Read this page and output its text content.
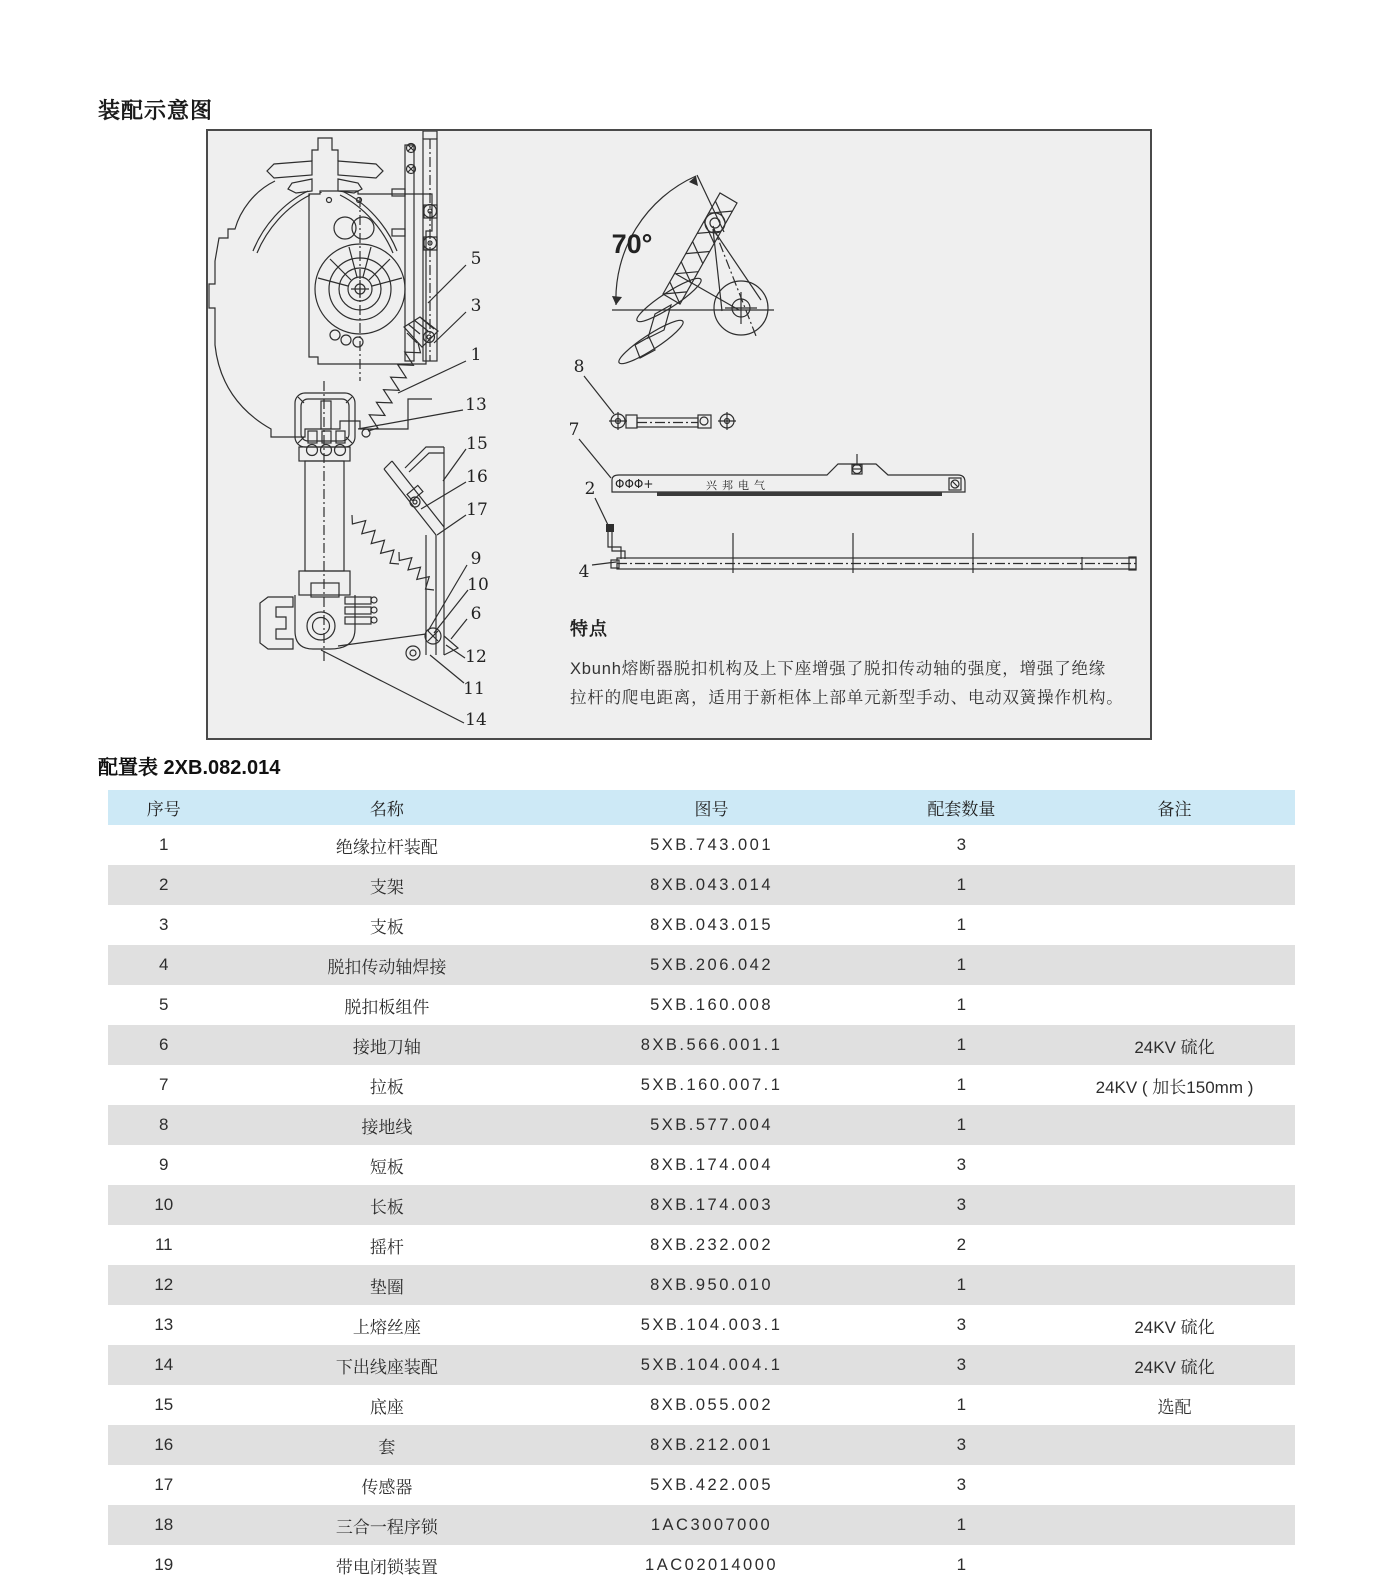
装配示意图
5
3
1
13
15
16
17
9
10
6
12
11
14
70°
8
7
ΦΦΦ+	兴邦电气
2
4
特点
Xbunh熔断器脱扣机构及上下座增强了脱扣传动轴的强度，增强了绝缘
拉杆的爬电距离，适用于新柜体上部单元新型手动、电动双簧操作机构。
配置表 2XB.082.014
序号	名称	图号	配套数量	备注
1	绝缘拉杆装配	5XB.743.001	3	
2	支架	8XB.043.014	1	
3	支板	8XB.043.015	1	
4	脱扣传动轴焊接	5XB.206.042	1	
5	脱扣板组件	5XB.160.008	1	
6	接地刀轴	8XB.566.001.1	1	24KV 硫化
7	拉板	5XB.160.007.1	1	24KV ( 加长150mm )
8	接地线	5XB.577.004	1	
9	短板	8XB.174.004	3	
10	长板	8XB.174.003	3	
11	摇杆	8XB.232.002	2	
12	垫圈	8XB.950.010	1	
13	上熔丝座	5XB.104.003.1	3	24KV 硫化
14	下出线座装配	5XB.104.004.1	3	24KV 硫化
15	底座	8XB.055.002	1	选配
16	套	8XB.212.001	3	
17	传感器	5XB.422.005	3	
18	三合一程序锁	1AC3007000	1	
19	带电闭锁装置	1AC02014000	1	
